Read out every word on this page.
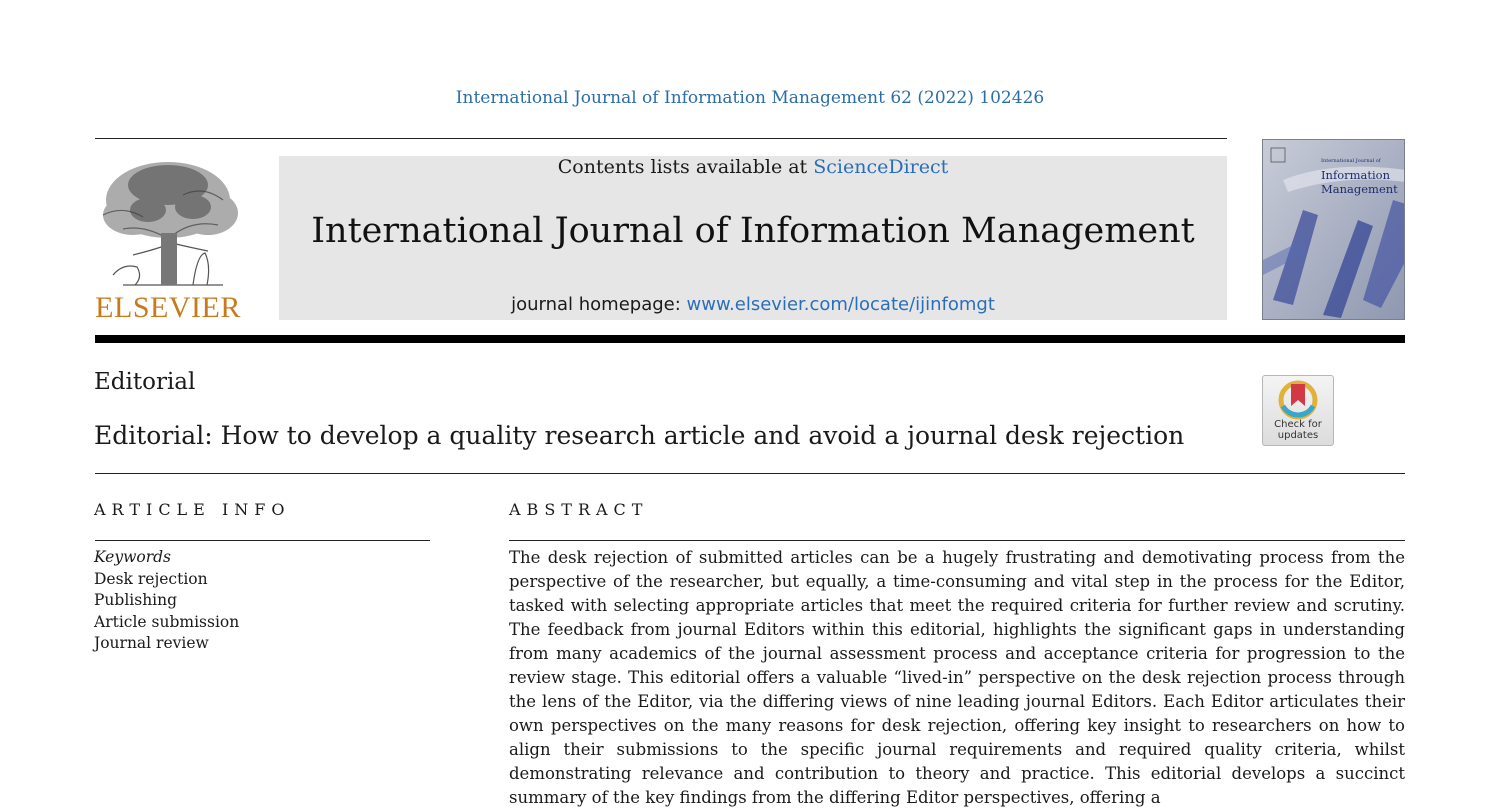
International Journal of Information Management 62 (2022) 102426
ELSEVIER
Contents lists available at ScienceDirect
International Journal of Information Management
journal homepage: www.elsevier.com/locate/ijinfomgt
International Journal of
Information Management
Editorial
Editorial: How to develop a quality research article and avoid a journal desk rejection	Check for
updates
ARTICLE INFO	ABSTRACT
Keywords
Desk rejection
Publishing
Article submission
Journal review
The desk rejection of submitted articles can be a hugely frustrating and demotivating process from the perspective of the researcher, but equally, a time-consuming and vital step in the process for the Editor, tasked with selecting appropriate articles that meet the required criteria for further review and scrutiny. The feedback from journal Editors within this editorial, highlights the significant gaps in understanding from many academics of the journal assessment process and acceptance criteria for progression to the review stage. This editorial offers a valuable “lived-in” perspective on the desk rejection process through the lens of the Editor, via the differing views of nine leading journal Editors. Each Editor articulates their own perspectives on the many reasons for desk rejection, offering key insight to researchers on how to align their submissions to the specific journal requirements and required quality criteria, whilst demonstrating relevance and contribution to theory and practice. This editorial develops a succinct summary of the key findings from the differing Editor perspectives, offering a
